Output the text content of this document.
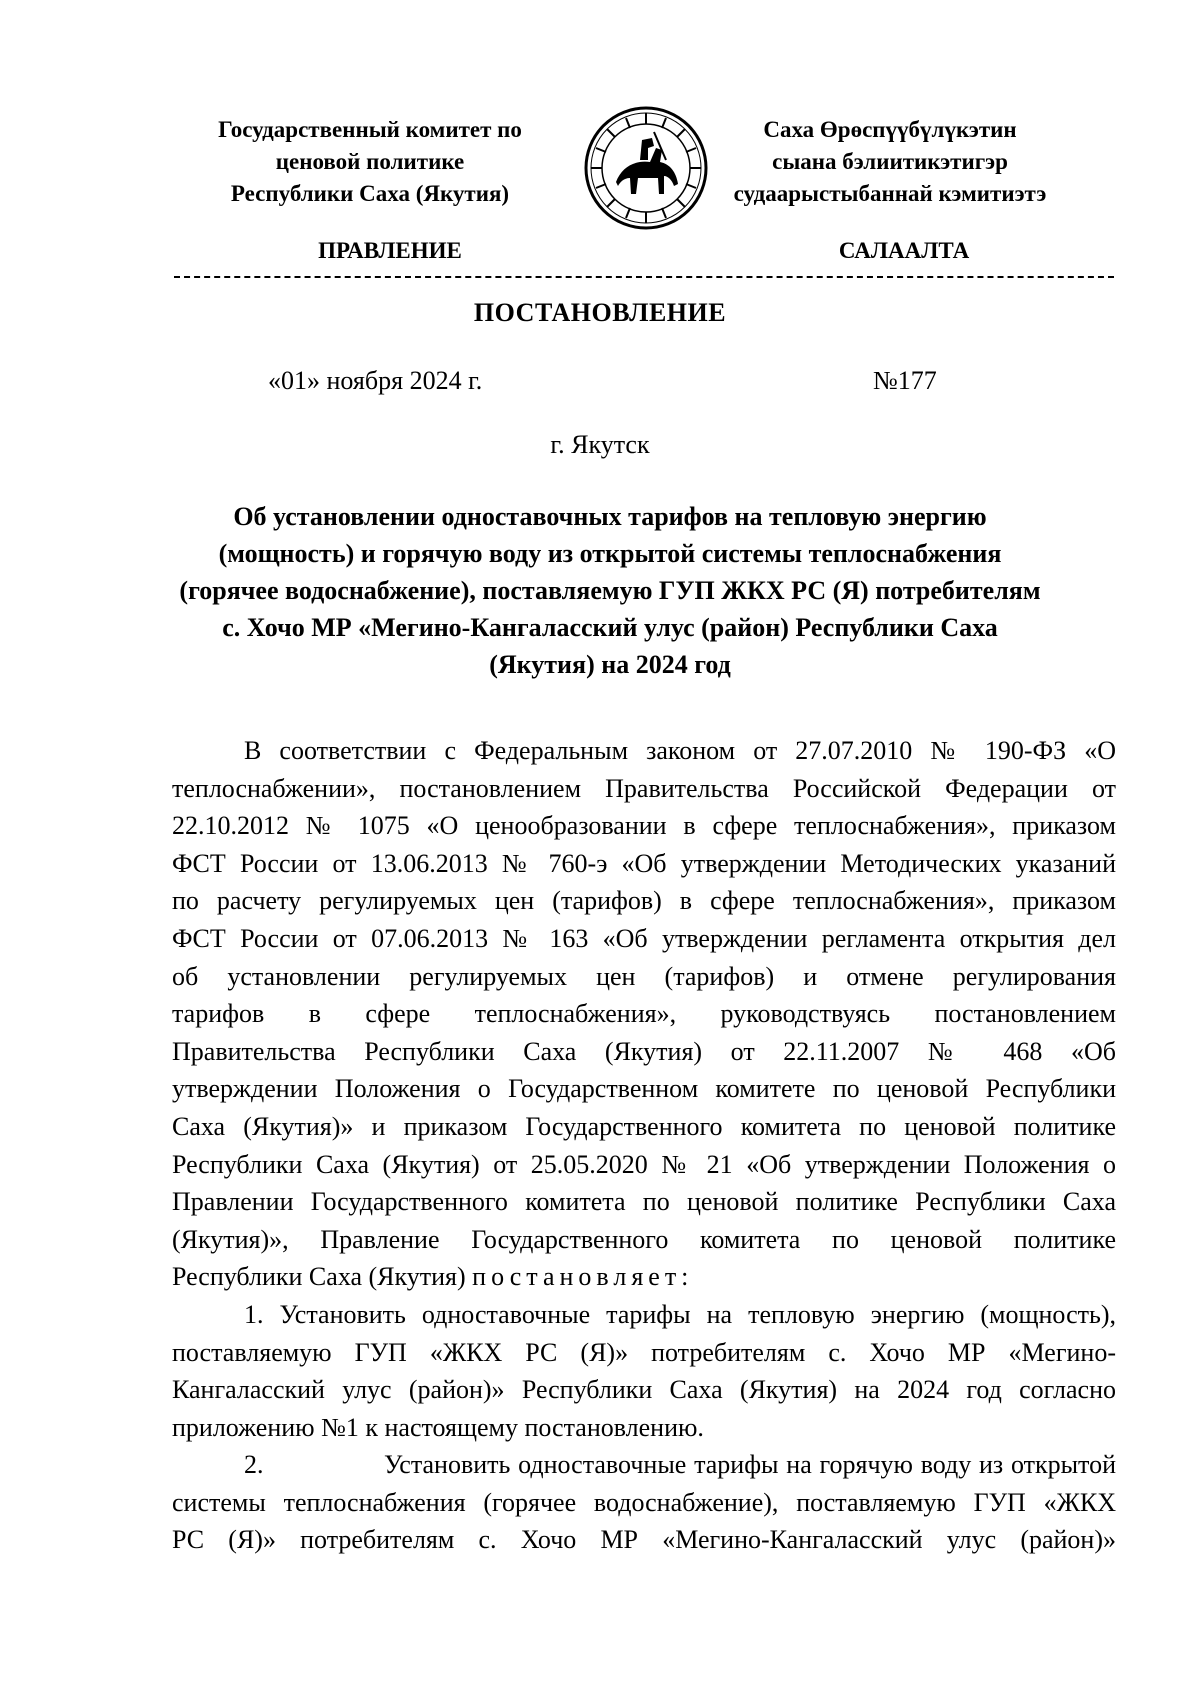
Государственный комитет по
ценовой политике
Республики Саха (Якутия)
Саха Өрөспүүбүлүкэтин
сыана бэлиитикэтигэр
судаарыстыбаннай кэмитиэтэ
ПРАВЛЕНИЕ	САЛААЛТА
ПОСТАНОВЛЕНИЕ
«01» ноября 2024 г.	№177
г. Якутск
Об установлении одноставочных тарифов на тепловую энергию
(мощность) и горячую воду из открытой системы теплоснабжения
(горячее водоснабжение), поставляемую ГУП ЖКХ РС (Я) потребителям
с. Хочо МР «Мегино-Кангаласский улус (район) Республики Саха
(Якутия) на 2024 год
В соответствии с Федеральным законом от 27.07.2010 № 190-ФЗ «О
теплоснабжении», постановлением Правительства Российской Федерации от
22.10.2012 № 1075 «О ценообразовании в сфере теплоснабжения», приказом
ФСТ России от 13.06.2013 № 760-э «Об утверждении Методических указаний
по расчету регулируемых цен (тарифов) в сфере теплоснабжения», приказом
ФСТ России от 07.06.2013 № 163 «Об утверждении регламента открытия дел
об установлении регулируемых цен (тарифов) и отмене регулирования
тарифов в сфере теплоснабжения», руководствуясь постановлением
Правительства Республики Саха (Якутия) от 22.11.2007 № 468 «Об
утверждении Положения о Государственном комитете по ценовой Республики
Саха (Якутия)» и приказом Государственного комитета по ценовой политике
Республики Саха (Якутия) от 25.05.2020 № 21 «Об утверждении Положения о
Правлении Государственного комитета по ценовой политике Республики Саха
(Якутия)», Правление Государственного комитета по ценовой политике
Республики Саха (Якутия) постановляет:
1. Установить одноставочные тарифы на тепловую энергию (мощность),
поставляемую ГУП «ЖКХ РС (Я)» потребителям с. Хочо МР «Мегино-
Кангаласский улус (район)» Республики Саха (Якутия) на 2024 год согласно
приложению №1 к настоящему постановлению.
2.	Установить одноставочные тарифы на горячую воду из открытой
системы теплоснабжения (горячее водоснабжение), поставляемую ГУП «ЖКХ
РС (Я)» потребителям с. Хочо МР «Мегино-Кангаласский улус (район)»
